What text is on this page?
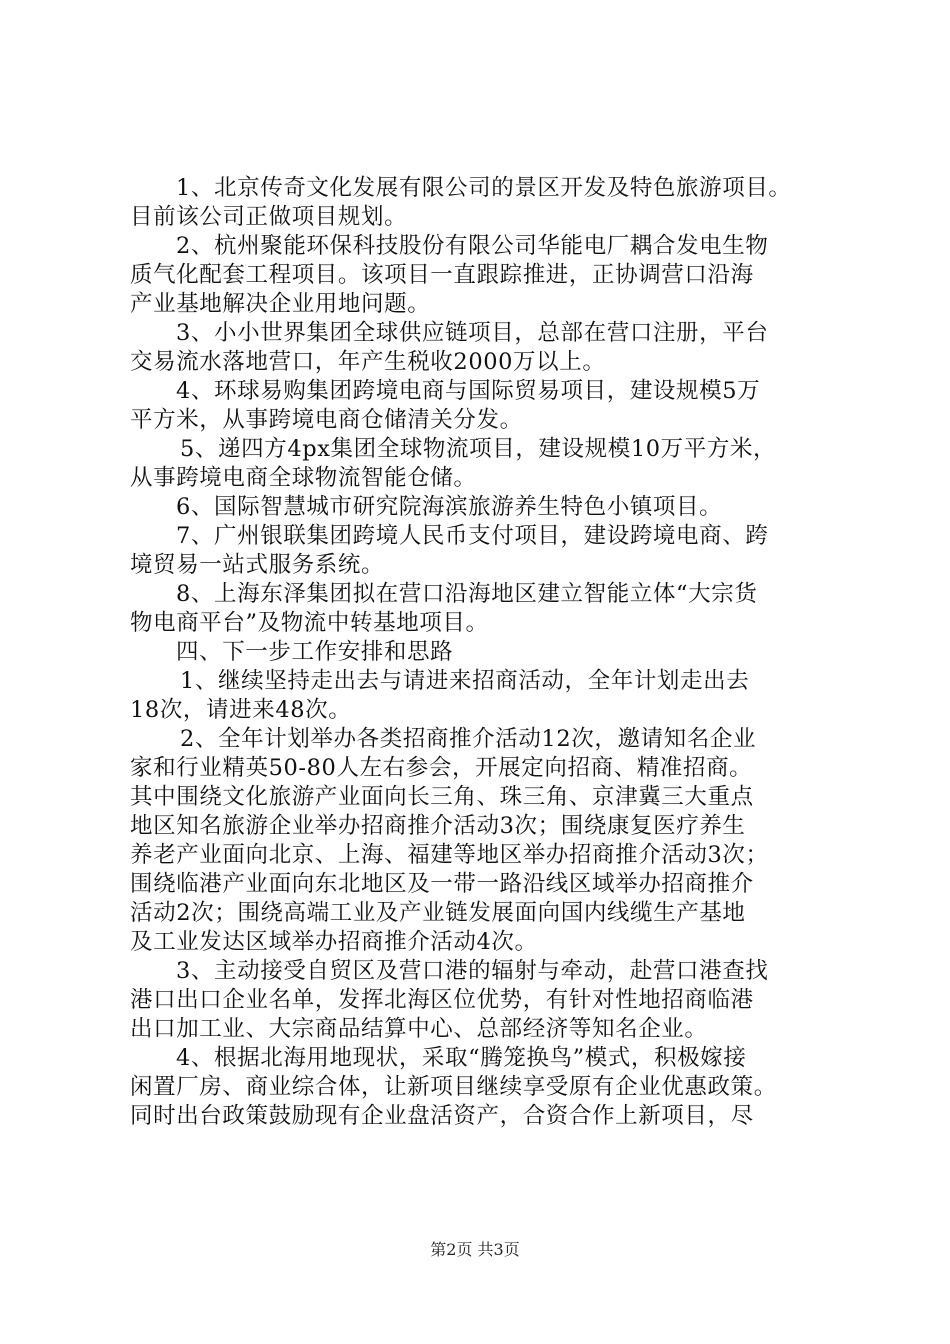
1、北京传奇文化发展有限公司的景区开发及特色旅游项目。
目前该公司正做项目规划。
2、杭州聚能环保科技股份有限公司华能电厂耦合发电生物
质气化配套工程项目。该项目一直跟踪推进，正协调营口沿海
产业基地解决企业用地问题。
3、小小世界集团全球供应链项目，总部在营口注册，平台
交易流水落地营口，年产生税收2000万以上。
4、环球易购集团跨境电商与国际贸易项目，建设规模5万
平方米，从事跨境电商仓储清关分发。
5、递四方4px集团全球物流项目，建设规模10万平方米，
从事跨境电商全球物流智能仓储。
6、国际智慧城市研究院海滨旅游养生特色小镇项目。
7、广州银联集团跨境人民币支付项目，建设跨境电商、跨
境贸易一站式服务系统。
8、上海东泽集团拟在营口沿海地区建立智能立体“大宗货
物电商平台”及物流中转基地项目。
四、下一步工作安排和思路
1、继续坚持走出去与请进来招商活动，全年计划走出去
18次，请进来48次。
2、全年计划举办各类招商推介活动12次，邀请知名企业
家和行业精英50-80人左右参会，开展定向招商、精准招商。
其中围绕文化旅游产业面向长三角、珠三角、京津冀三大重点
地区知名旅游企业举办招商推介活动3次；围绕康复医疗养生
养老产业面向北京、上海、福建等地区举办招商推介活动3次；
围绕临港产业面向东北地区及一带一路沿线区域举办招商推介
活动2次；围绕高端工业及产业链发展面向国内线缆生产基地
及工业发达区域举办招商推介活动4次。
3、主动接受自贸区及营口港的辐射与牵动，赴营口港查找
港口出口企业名单，发挥北海区位优势，有针对性地招商临港
出口加工业、大宗商品结算中心、总部经济等知名企业。
4、根据北海用地现状，采取“腾笼换鸟”模式，积极嫁接
闲置厂房、商业综合体，让新项目继续享受原有企业优惠政策。
同时出台政策鼓励现有企业盘活资产，合资合作上新项目，尽
第2页 共3页
